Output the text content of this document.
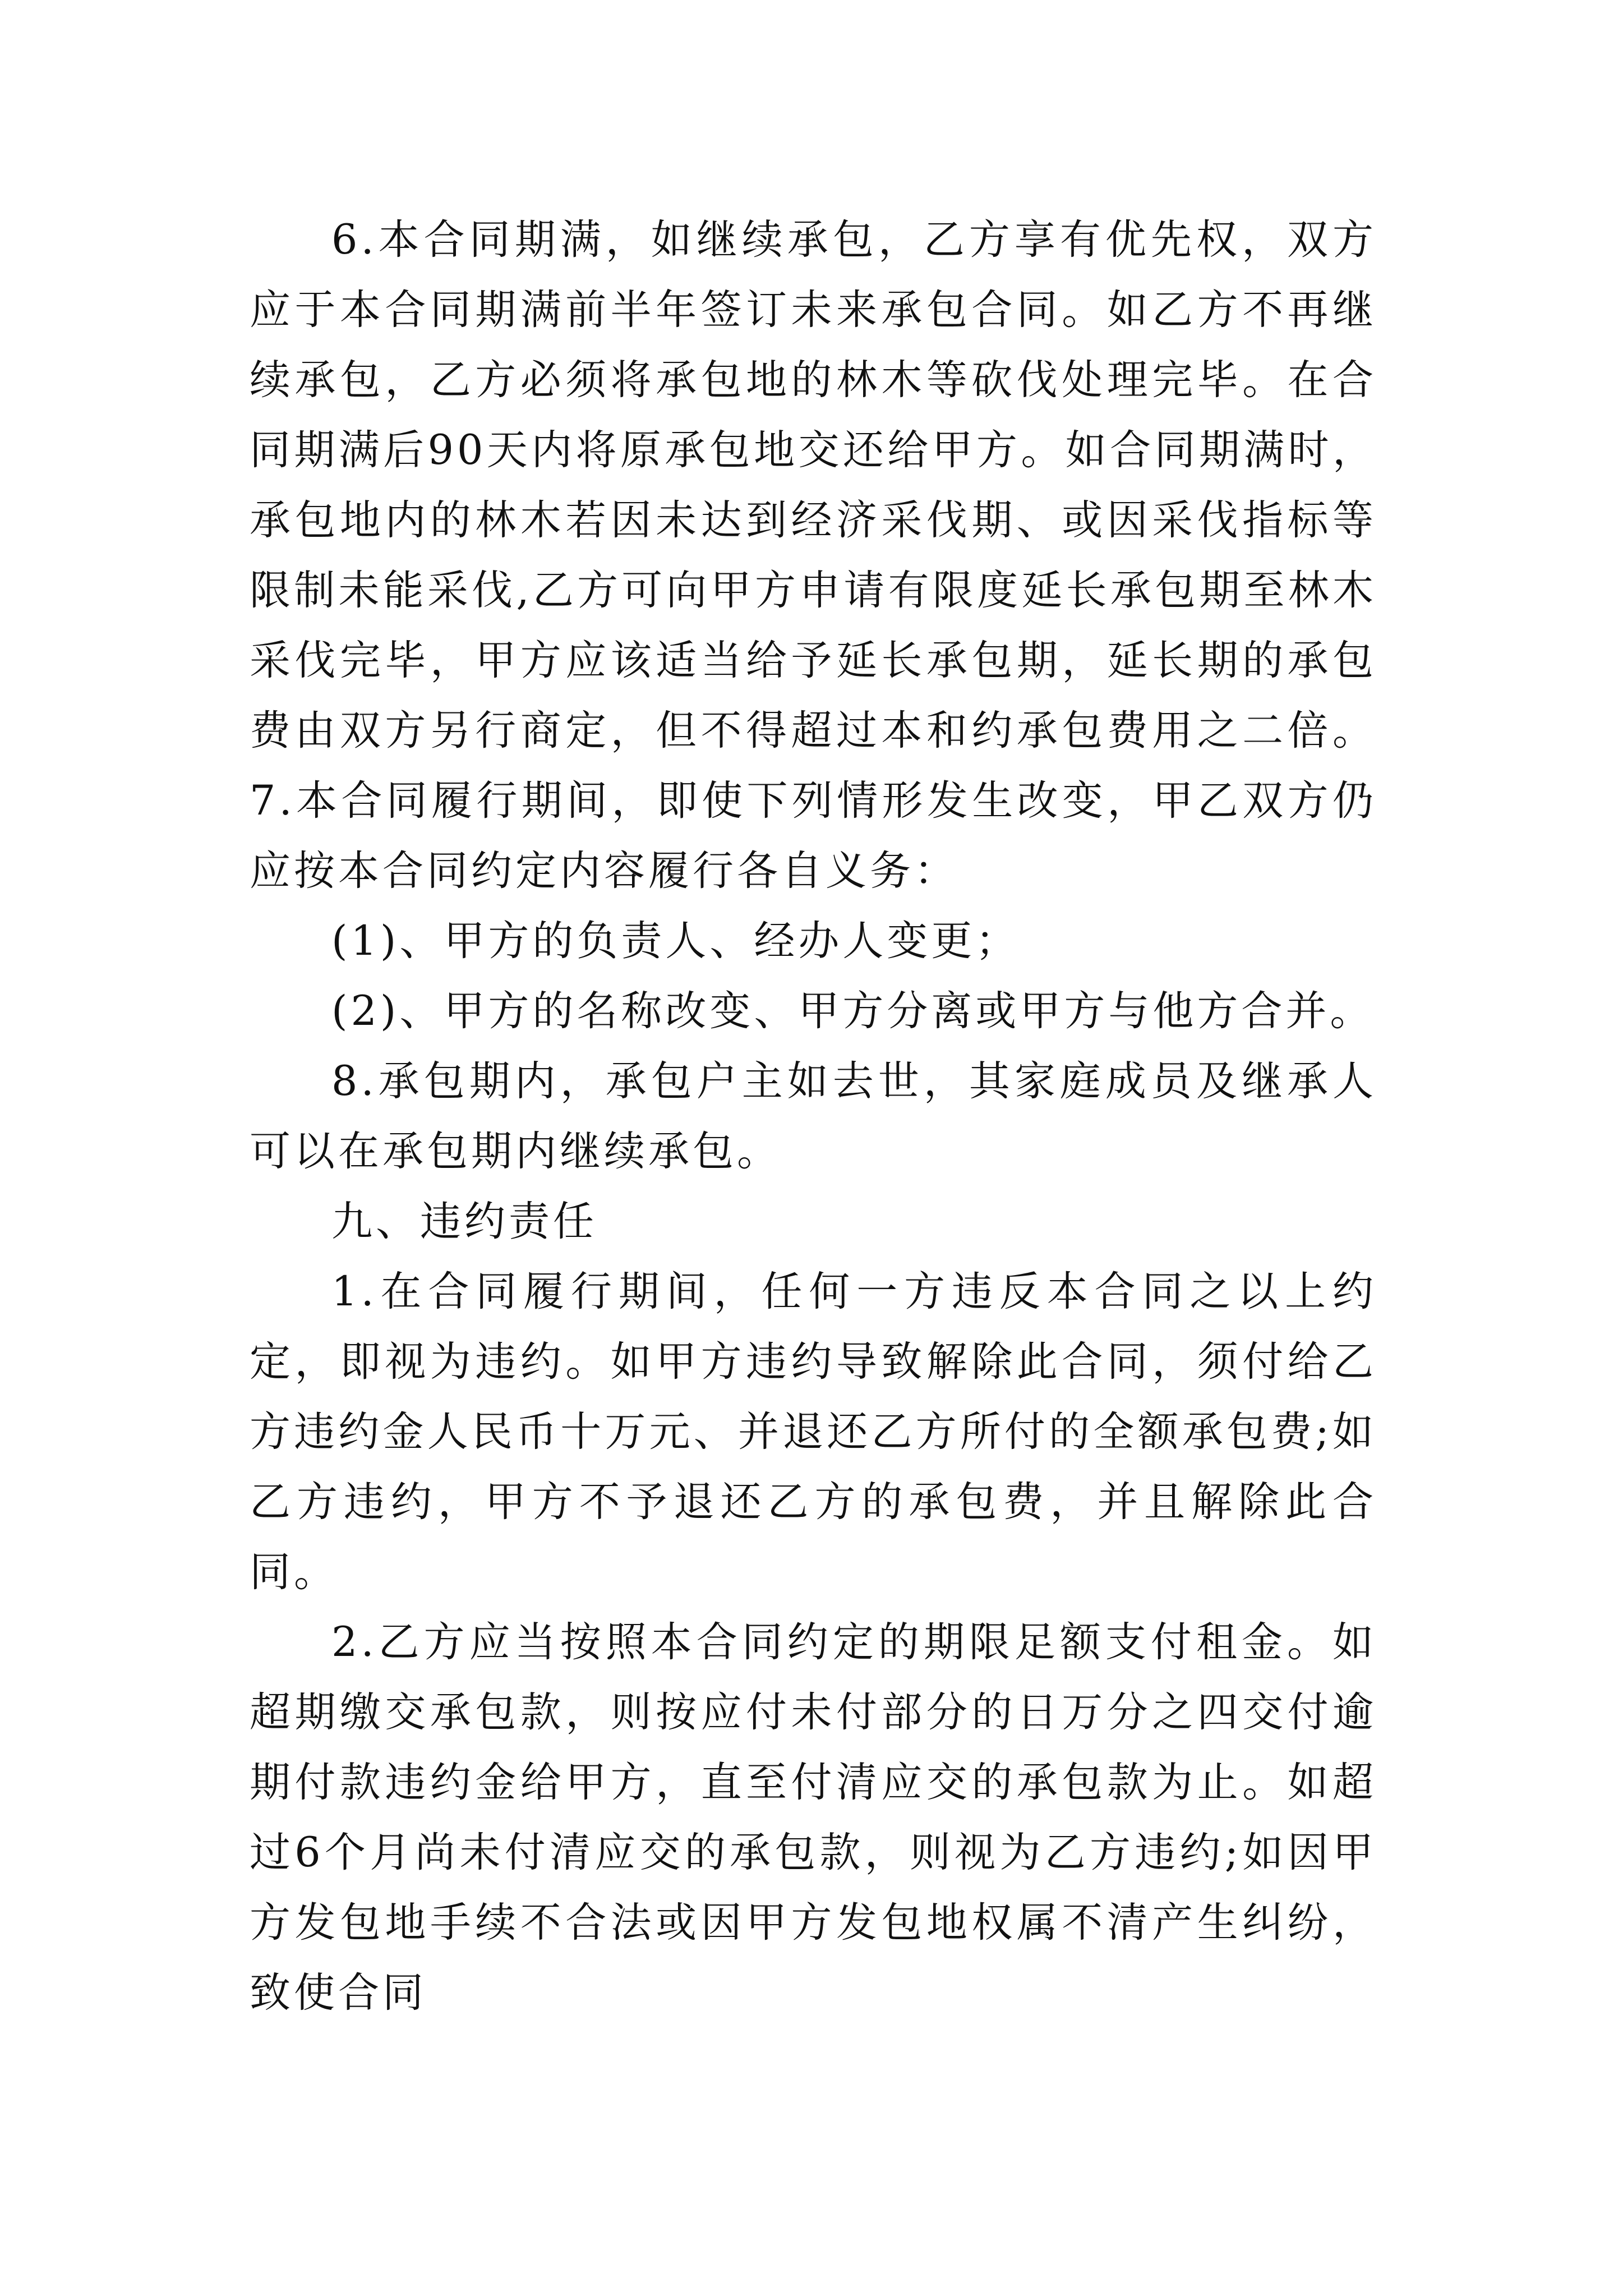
6.本合同期满，如继续承包，乙方享有优先权，双方应于本合同期满前半年签订未来承包合同。如乙方不再继续承包，乙方必须将承包地的林木等砍伐处理完毕。在合同期满后90天内将原承包地交还给甲方。如合同期满时，承包地内的林木若因未达到经济采伐期、或因采伐指标等限制未能采伐,乙方可向甲方申请有限度延长承包期至林木采伐完毕，甲方应该适当给予延长承包期，延长期的承包费由双方另行商定，但不得超过本和约承包费用之二倍。 7.本合同履行期间，即使下列情形发生改变，甲乙双方仍应按本合同约定内容履行各自义务：

(1)、甲方的负责人、经办人变更；

(2)、甲方的名称改变、甲方分离或甲方与他方合并。

8.承包期内，承包户主如去世，其家庭成员及继承人可以在承包期内继续承包。

九、违约责任

1.在合同履行期间，任何一方违反本合同之以上约定，即视为违约。如甲方违约导致解除此合同，须付给乙方违约金人民币十万元、并退还乙方所付的全额承包费;如乙方违约，甲方不予退还乙方的承包费，并且解除此合同。

2.乙方应当按照本合同约定的期限足额支付租金。如超期缴交承包款，则按应付未付部分的日万分之四交付逾期付款违约金给甲方，直至付清应交的承包款为止。如超过6个月尚未付清应交的承包款，则视为乙方违约;如因甲方发包地手续不合法或因甲方发包地权属不清产生纠纷，致使合同
